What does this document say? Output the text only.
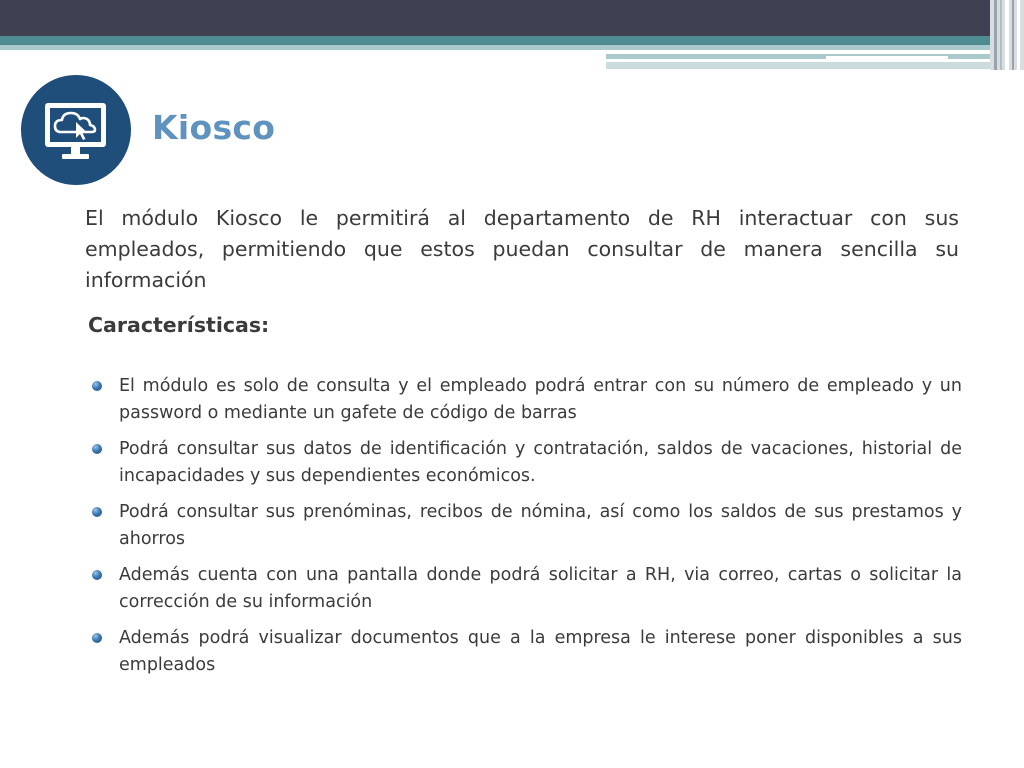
Kiosco

El módulo Kiosco le permitirá al departamento de RH interactuar con sus empleados, permitiendo que estos puedan consultar de manera sencilla su información

Características:

El módulo es solo de consulta y el empleado podrá entrar con su número de empleado y un password o mediante un gafete de código de barras
Podrá consultar sus datos de identificación y contratación, saldos de vacaciones, historial de incapacidades y sus dependientes económicos.
Podrá consultar sus prenóminas, recibos de nómina, así como los saldos de sus prestamos y ahorros
Además cuenta con una pantalla donde podrá solicitar a RH, via correo, cartas o solicitar la corrección de su información
Además podrá visualizar documentos que a la empresa le interese poner disponibles a sus empleados
